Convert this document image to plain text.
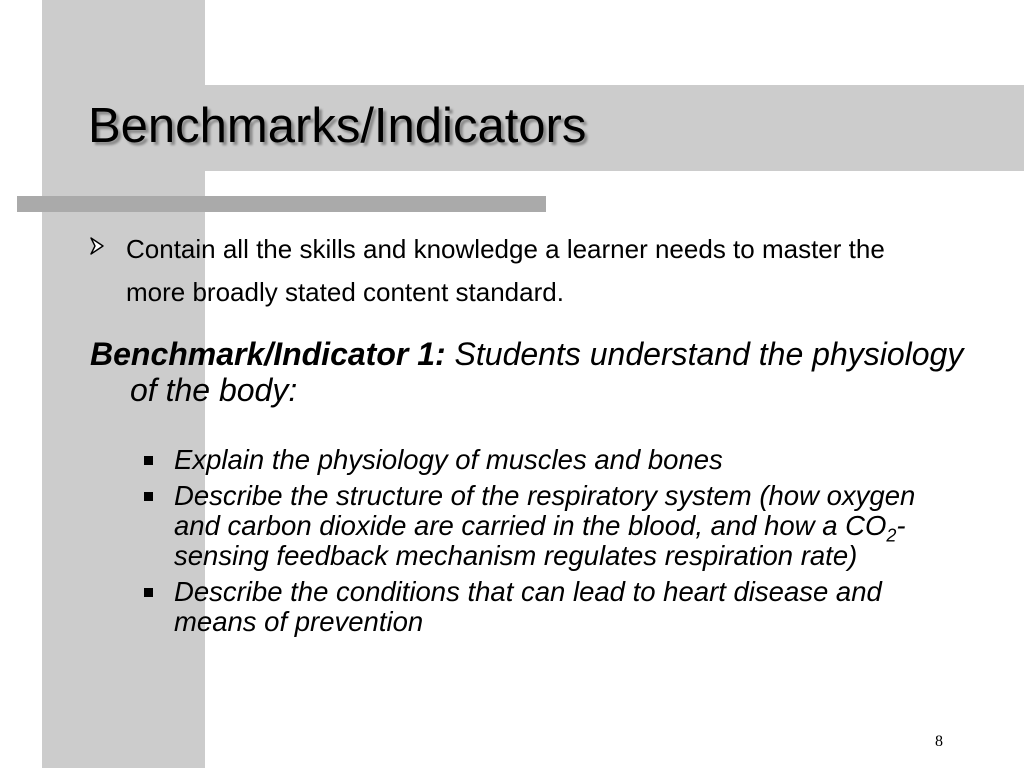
Benchmarks/Indicators

Contain all the skills and knowledge a learner needs to master the more broadly stated content standard.

Benchmark/Indicator 1: Students understand the physiology of the body:

Explain the physiology of muscles and bones
Describe the structure of the respiratory system (how oxygen and carbon dioxide are carried in the blood, and how a $CO_2$-sensing feedback mechanism regulates respiration rate)
Describe the conditions that can lead to heart disease and means of prevention
8
